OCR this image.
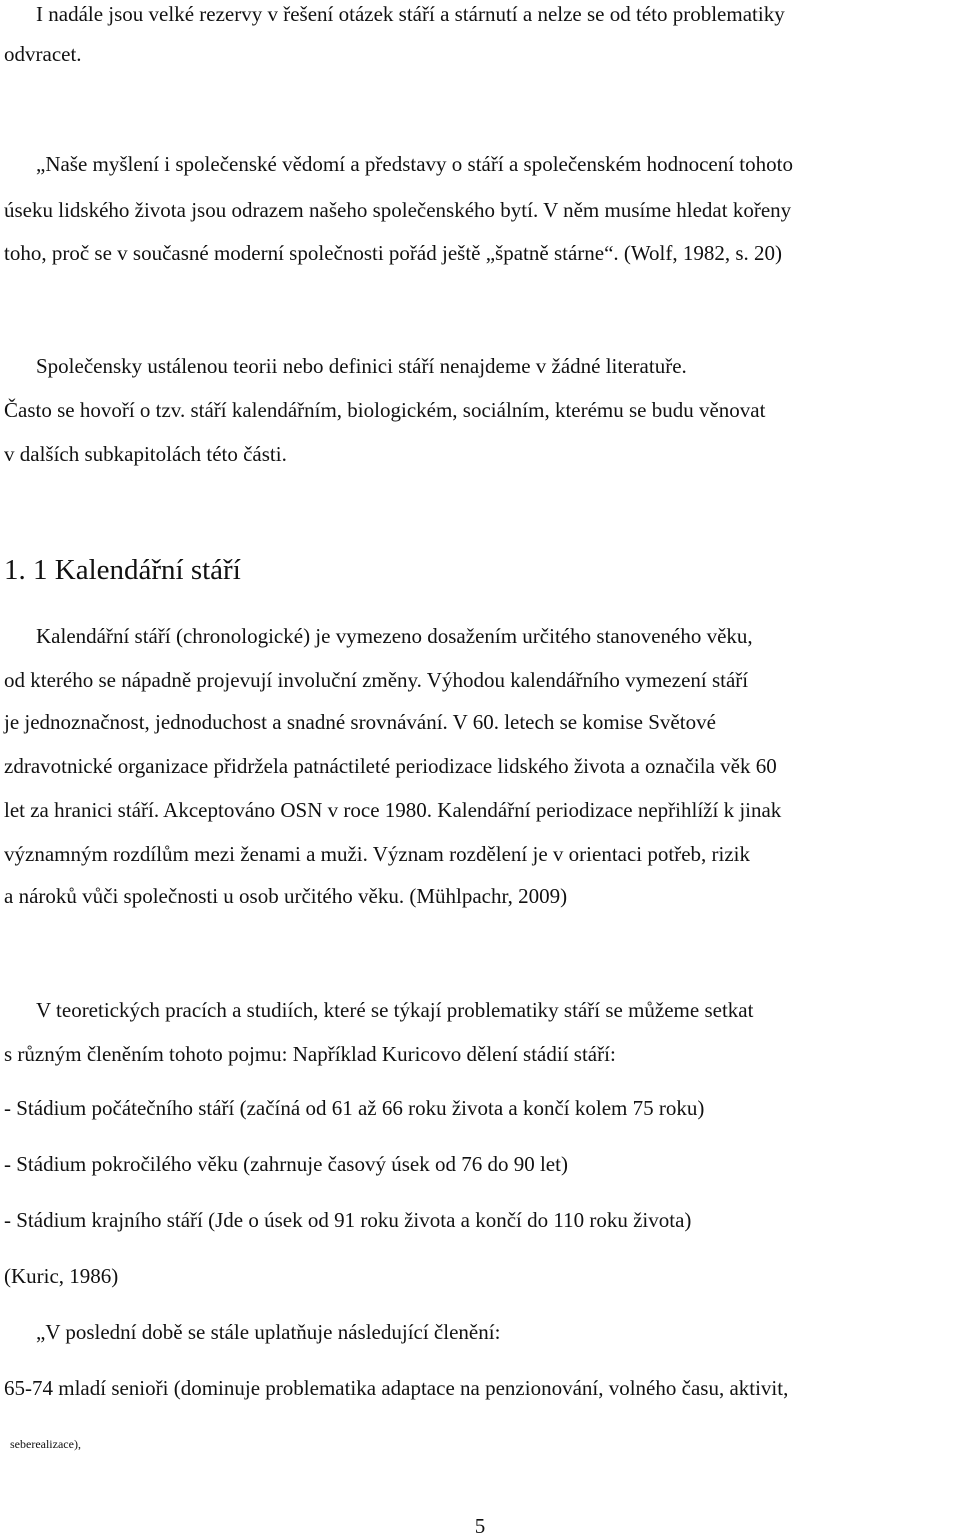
I nadále jsou velké rezervy v řešení otázek stáří a stárnutí a nelze se od této problematiky
odvracet.
„Naše myšlení i společenské vědomí a představy o stáří a společenském hodnocení tohoto
úseku lidského života jsou odrazem našeho společenského bytí. V něm musíme hledat kořeny
toho, proč se v současné moderní společnosti pořád ještě „špatně stárne“. (Wolf, 1982, s. 20)
Společensky ustálenou teorii nebo definici stáří nenajdeme v žádné literatuře.
Často se hovoří o tzv. stáří kalendářním, biologickém, sociálním, kterému se budu věnovat
v dalších subkapitolách této části.
1. 1 Kalendářní stáří
Kalendářní stáří (chronologické) je vymezeno dosažením určitého stanoveného věku,
od kterého se nápadně projevují involuční změny. Výhodou kalendářního vymezení stáří
je jednoznačnost, jednoduchost a snadné srovnávání. V 60. letech se komise Světové
zdravotnické organizace přidržela patnáctileté periodizace lidského života a označila věk 60
let za hranici stáří. Akceptováno OSN v roce 1980. Kalendářní periodizace nepřihlíží k jinak
významným rozdílům mezi ženami a muži. Význam rozdělení je v orientaci potřeb, rizik
a nároků vůči společnosti u osob určitého věku. (Mühlpachr, 2009)
V teoretických pracích a studiích, které se týkají problematiky stáří se můžeme setkat
s různým členěním tohoto pojmu: Například Kuricovo dělení stádií stáří:
- Stádium počátečního stáří (začíná od 61 až 66 roku života a končí kolem 75 roku)
- Stádium pokročilého věku (zahrnuje časový úsek od 76 do 90 let)
- Stádium krajního stáří (Jde o úsek od 91 roku života a končí do 110 roku života)
(Kuric, 1986)
„V poslední době se stále uplatňuje následující členění:
65-74 mladí senioři (dominuje problematika adaptace na penzionování, volného času, aktivit,
seberealizace),
5
